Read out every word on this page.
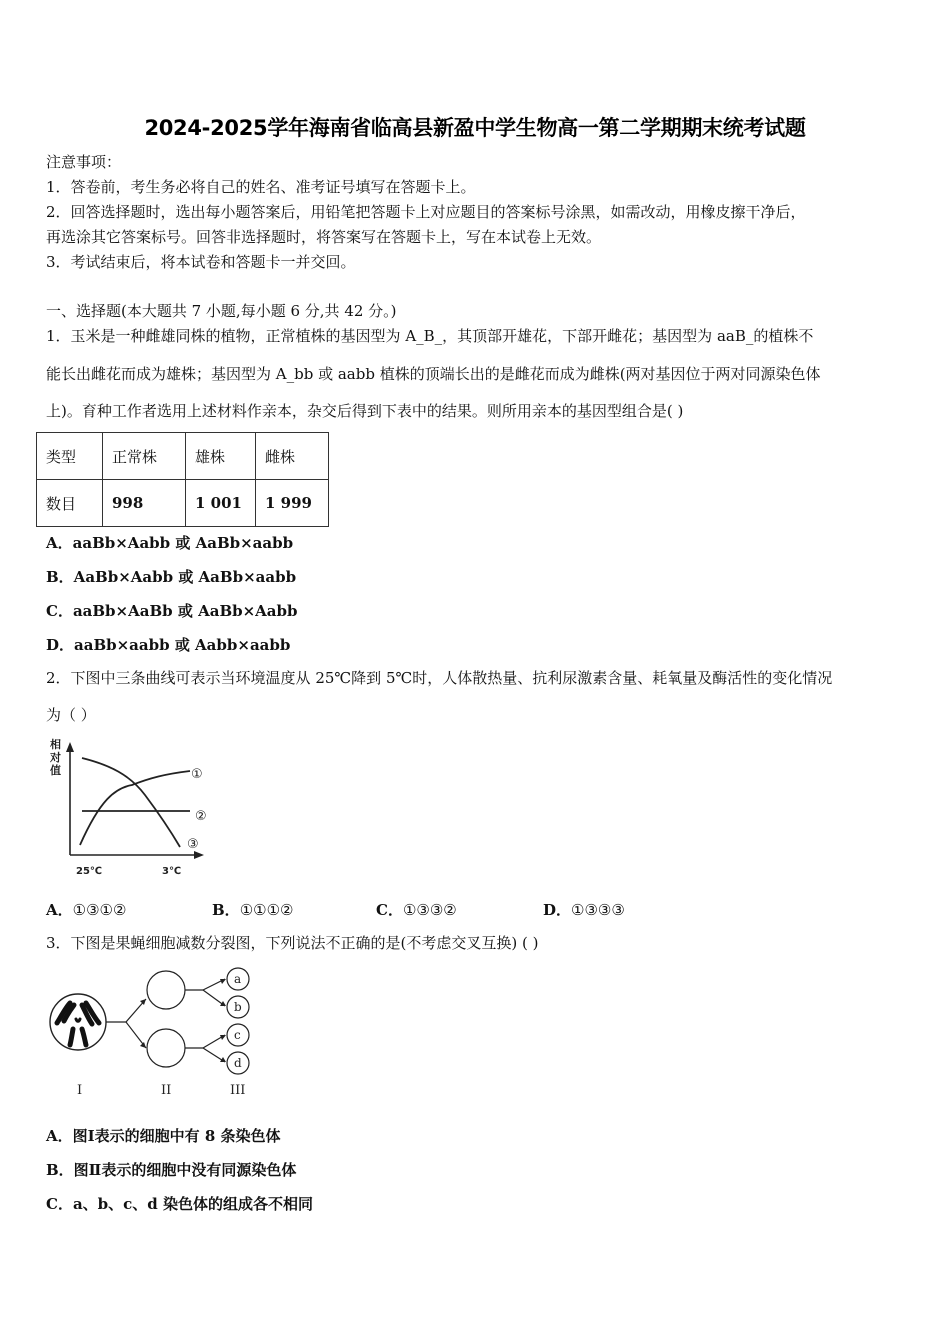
2024-2025学年海南省临高县新盈中学生物高一第二学期期末统考试题
注意事项：
1．答卷前，考生务必将自己的姓名、准考证号填写在答题卡上。
2．回答选择题时，选出每小题答案后，用铅笔把答题卡上对应题目的答案标号涂黑，如需改动，用橡皮擦干净后，
再选涂其它答案标号。回答非选择题时，将答案写在答题卡上，写在本试卷上无效。
3．考试结束后，将本试卷和答题卡一并交回。
一、选择题(本大题共 7 小题,每小题 6 分,共 42 分。)
1．玉米是一种雌雄同株的植物，正常植株的基因型为 A_B_，其顶部开雄花，下部开雌花；基因型为 aaB_的植株不
能长出雌花而成为雄株；基因型为 A_bb 或 aabb 植株的顶端长出的是雌花而成为雌株(两对基因位于两对同源染色体
上)。育种工作者选用上述材料作亲本，杂交后得到下表中的结果。则所用亲本的基因型组合是( )
类型	正常株	雄株	雌株
数目	998	1 001	1 999
A．aaBb×Aabb 或 AaBb×aabb
B．AaBb×Aabb 或 AaBb×aabb
C．aaBb×AaBb 或 AaBb×Aabb
D．aaBb×aabb 或 Aabb×aabb
2．下图中三条曲线可表示当环境温度从 25℃降到 5℃时，人体散热量、抗利尿激素含量、耗氧量及酶活性的变化情况
为（ ）
相
对
值	①
②
③
25℃	3℃
A．①③①②	B．①①①②	C．①③③②	D．①③③③
3．下图是果蝇细胞减数分裂图，下列说法不正确的是(不考虑交叉互换) ( )
a
b
c
d
I	II	III
A．图Ⅰ表示的细胞中有 8 条染色体
B．图Ⅱ表示的细胞中没有同源染色体
C．a、b、c、d 染色体的组成各不相同
